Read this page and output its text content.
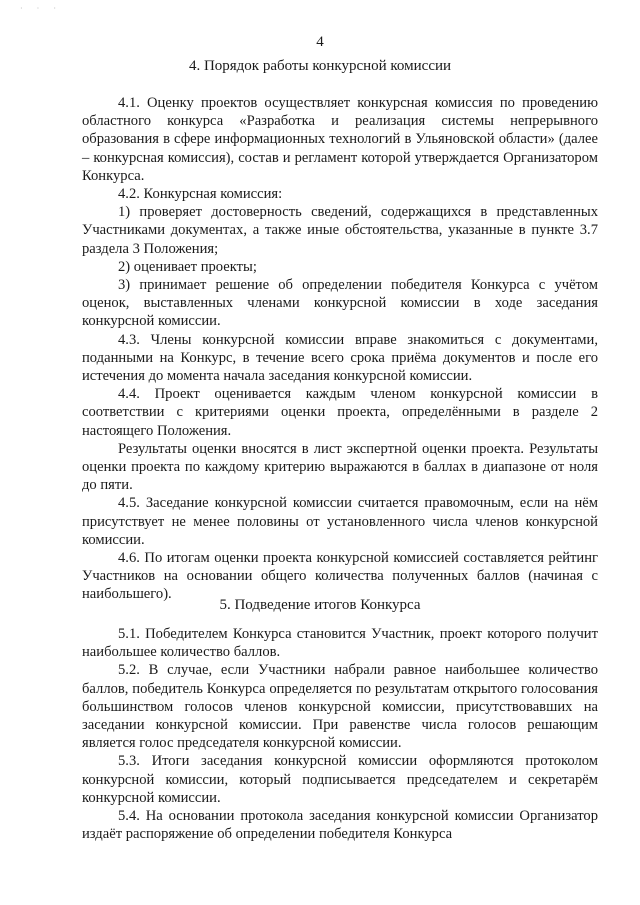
· · ·
4
4. Порядок работы конкурсной комиссии

4.1. Оценку проектов осуществляет конкурсная комиссия по проведению областного конкурса «Разработка и реализация системы непрерывного образования в сфере информационных технологий в Ульяновской области» (далее – конкурсная комиссия), состав и регламент которой утверждается Организатором Конкурса.

4.2. Конкурсная комиссия:

1) проверяет достоверность сведений, содержащихся в представленных Участниками документах, а также иные обстоятельства, указанные в пункте 3.7 раздела 3 Положения;

2) оценивает проекты;

3) принимает решение об определении победителя Конкурса с учётом оценок, выставленных членами конкурсной комиссии в ходе заседания конкурсной комиссии.

4.3. Члены конкурсной комиссии вправе знакомиться с документами, поданными на Конкурс, в течение всего срока приёма документов и после его истечения до момента начала заседания конкурсной комиссии.

4.4. Проект оценивается каждым членом конкурсной комиссии в соответствии с критериями оценки проекта, определёнными в разделе 2 настоящего Положения.

Результаты оценки вносятся в лист экспертной оценки проекта. Результаты оценки проекта по каждому критерию выражаются в баллах в диапазоне от ноля до пяти.

4.5. Заседание конкурсной комиссии считается правомочным, если на нём присутствует не менее половины от установленного числа членов конкурсной комиссии.

4.6. По итогам оценки проекта конкурсной комиссией составляется рейтинг Участников на основании общего количества полученных баллов (начиная с наибольшего).

5. Подведение итогов Конкурса

5.1. Победителем Конкурса становится Участник, проект которого получит наибольшее количество баллов.

5.2. В случае, если Участники набрали равное наибольшее количество баллов, победитель Конкурса определяется по результатам открытого голосования большинством голосов членов конкурсной комиссии, присутствовавших на заседании конкурсной комиссии. При равенстве числа голосов решающим является голос председателя конкурсной комиссии.

5.3. Итоги заседания конкурсной комиссии оформляются протоколом конкурсной комиссии, который подписывается председателем и секретарём конкурсной комиссии.

5.4. На основании протокола заседания конкурсной комиссии Организатор издаёт распоряжение об определении победителя Конкурса
